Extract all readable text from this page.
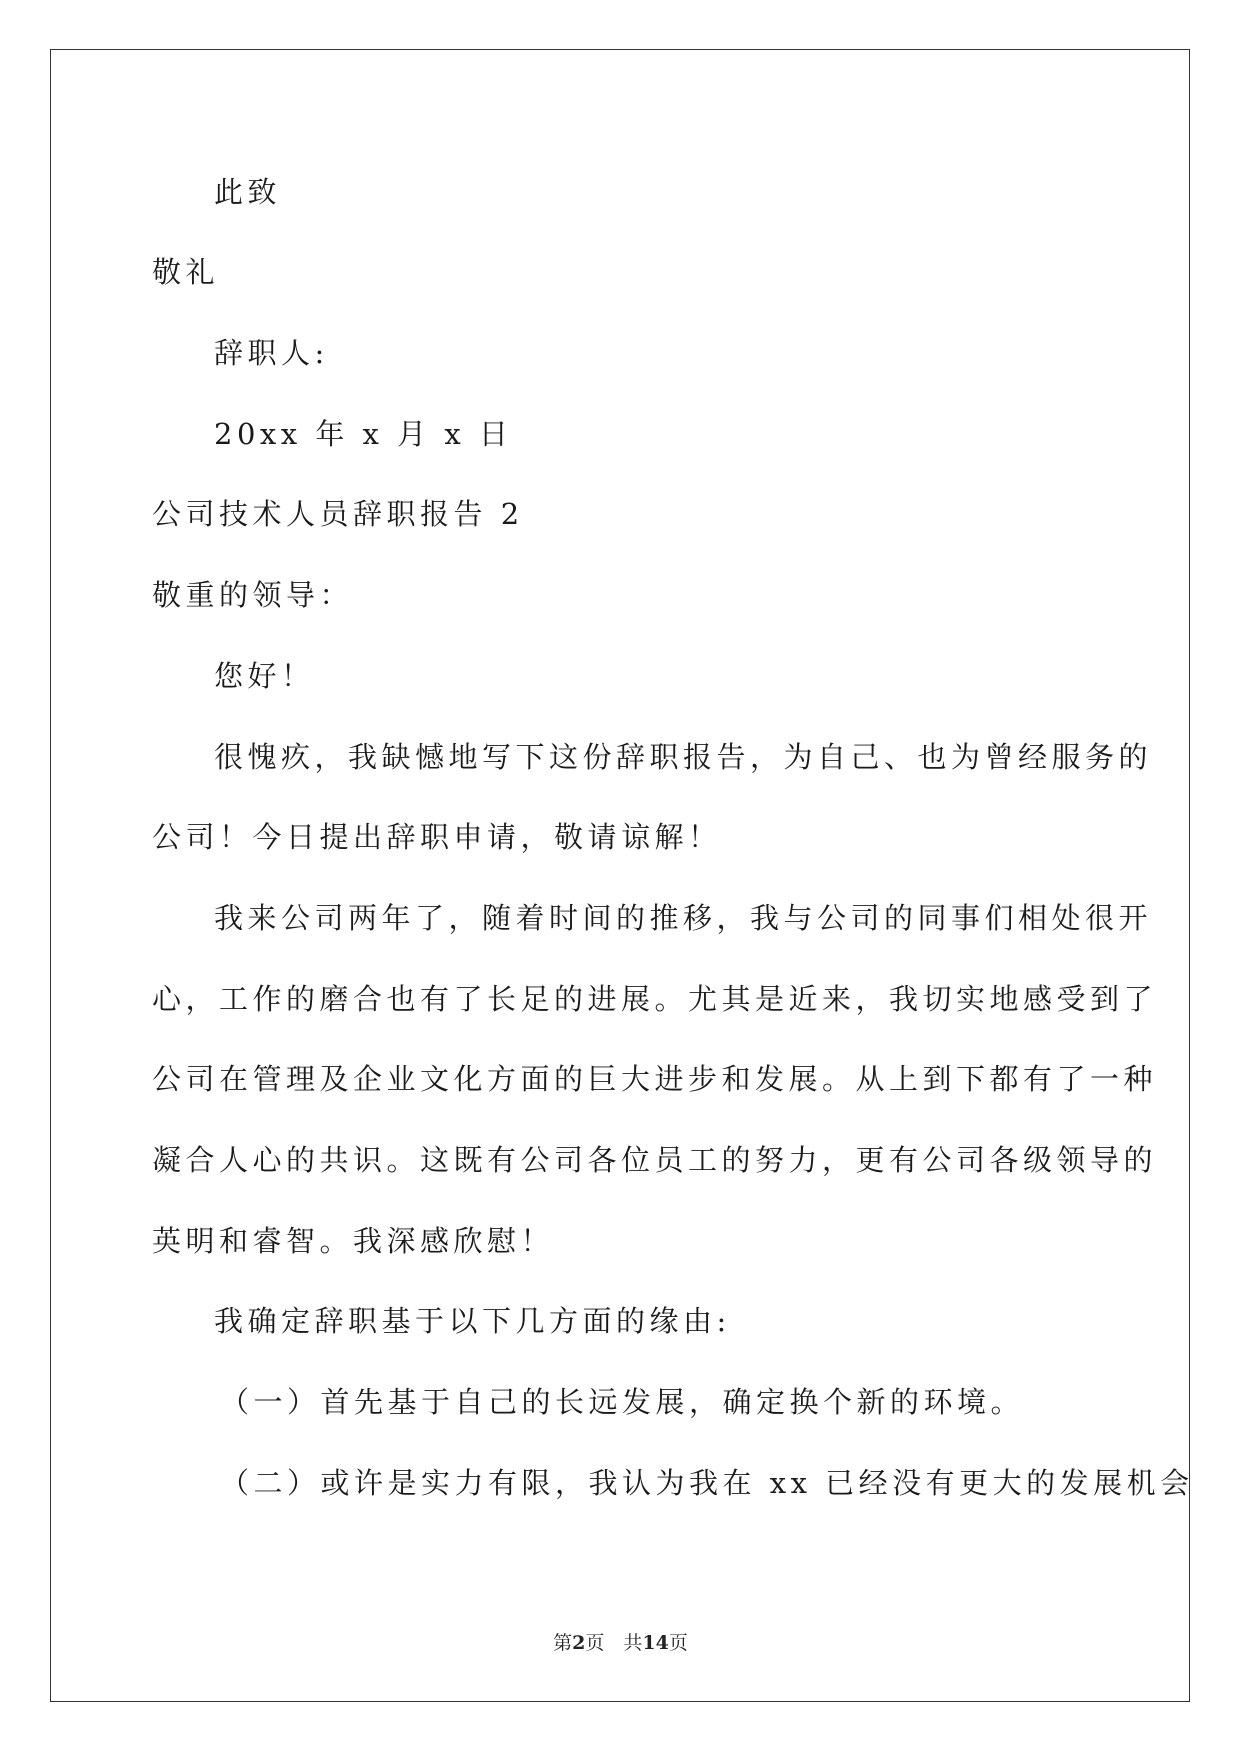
此致
敬礼
辞职人:
20xx 年 x 月 x 日
公司技术人员辞职报告 2
敬重的领导：
您好！
很愧疚，我缺憾地写下这份辞职报告，为自己、也为曾经服务的
公司！今日提出辞职申请，敬请谅解！
我来公司两年了，随着时间的推移，我与公司的同事们相处很开
心，工作的磨合也有了长足的进展。尤其是近来，我切实地感受到了
公司在管理及企业文化方面的巨大进步和发展。从上到下都有了一种
凝合人心的共识。这既有公司各位员工的努力，更有公司各级领导的
英明和睿智。我深感欣慰！
我确定辞职基于以下几方面的缘由:
（一）首先基于自己的长远发展，确定换个新的环境。
（二）或许是实力有限，我认为我在 xx 已经没有更大的发展机会
第2页　共14页
